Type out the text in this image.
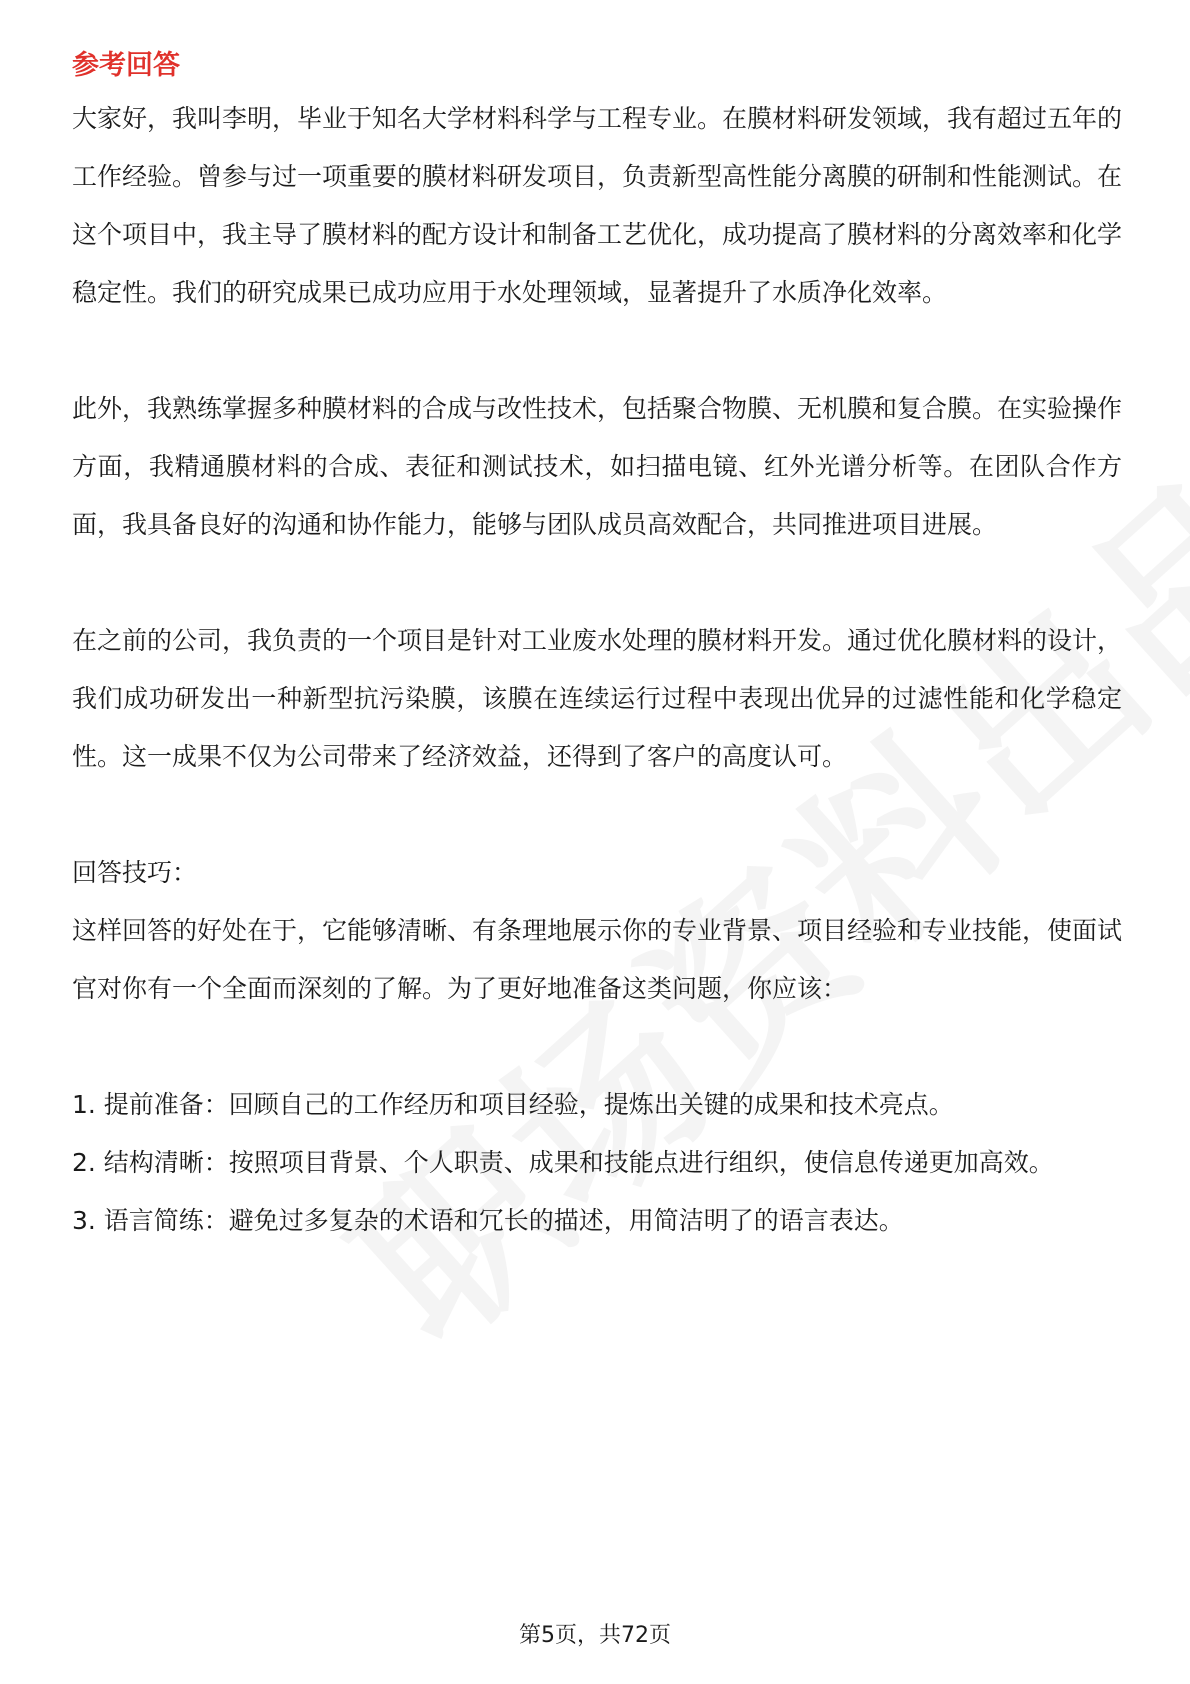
参考回答

大家好，我叫李明，毕业于知名大学材料科学与工程专业。在膜材料研发领域，我有超过五年的工作经验。曾参与过一项重要的膜材料研发项目，负责新型高性能分离膜的研制和性能测试。在这个项目中，我主导了膜材料的配方设计和制备工艺优化，成功提高了膜材料的分离效率和化学稳定性。我们的研究成果已成功应用于水处理领域，显著提升了水质净化效率。

此外，我熟练掌握多种膜材料的合成与改性技术，包括聚合物膜、无机膜和复合膜。在实验操作方面，我精通膜材料的合成、表征和测试技术，如扫描电镜、红外光谱分析等。在团队合作方面，我具备良好的沟通和协作能力，能够与团队成员高效配合，共同推进项目进展。

在之前的公司，我负责的一个项目是针对工业废水处理的膜材料开发。通过优化膜材料的设计，我们成功研发出一种新型抗污染膜，该膜在连续运行过程中表现出优异的过滤性能和化学稳定性。这一成果不仅为公司带来了经济效益，还得到了客户的高度认可。

回答技巧：

这样回答的好处在于，它能够清晰、有条理地展示你的专业背景、项目经验和专业技能，使面试官对你有一个全面而深刻的了解。为了更好地准备这类问题，你应该：

1. 提前准备：回顾自己的工作经历和项目经验，提炼出关键的成果和技术亮点。

2. 结构清晰：按照项目背景、个人职责、成果和技能点进行组织，使信息传递更加高效。

3. 语言简练：避免过多复杂的术语和冗长的描述，用简洁明了的语言表达。

第5页，共72页
